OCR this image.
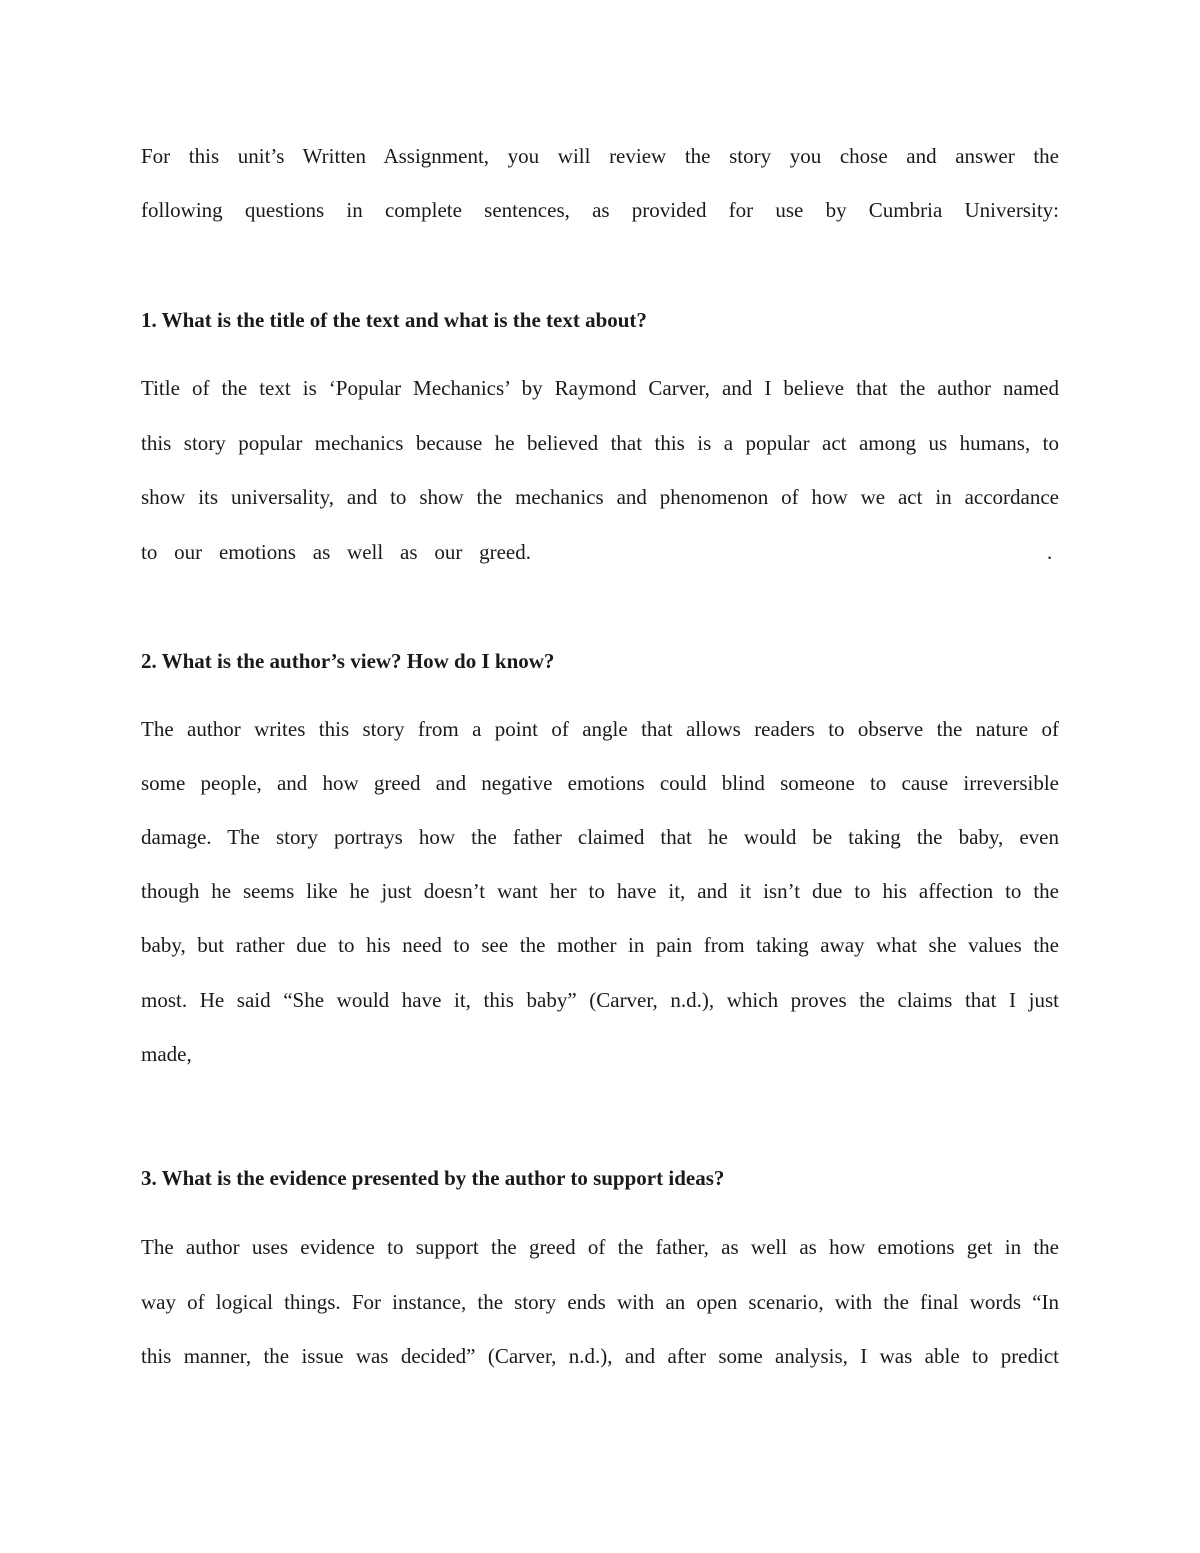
For this unit’s Written Assignment, you will review the story you chose and answer the
following questions in complete sentences, as provided for use by Cumbria University:
1. What is the title of the text and what is the text about?
Title of the text is ‘Popular Mechanics’ by Raymond Carver, and I believe that the author named
this story popular mechanics because he believed that this is a popular act among us humans, to
show its universality, and to show the mechanics and phenomenon of how we act in accordance
to our emotions as well as our greed.	.
2. What is the author’s view? How do I know?
The author writes this story from a point of angle that allows readers to observe the nature of
some people, and how greed and negative emotions could blind someone to cause irreversible
damage. The story portrays how the father claimed that he would be taking the baby, even
though he seems like he just doesn’t want her to have it, and it isn’t due to his affection to the
baby, but rather due to his need to see the mother in pain from taking away what she values the
most. He said “She would have it, this baby” (Carver, n.d.), which proves the claims that I just
made,
3. What is the evidence presented by the author to support ideas?
The author uses evidence to support the greed of the father, as well as how emotions get in the
way of logical things. For instance, the story ends with an open scenario, with the final words “In
this manner, the issue was decided” (Carver, n.d.), and after some analysis, I was able to predict
